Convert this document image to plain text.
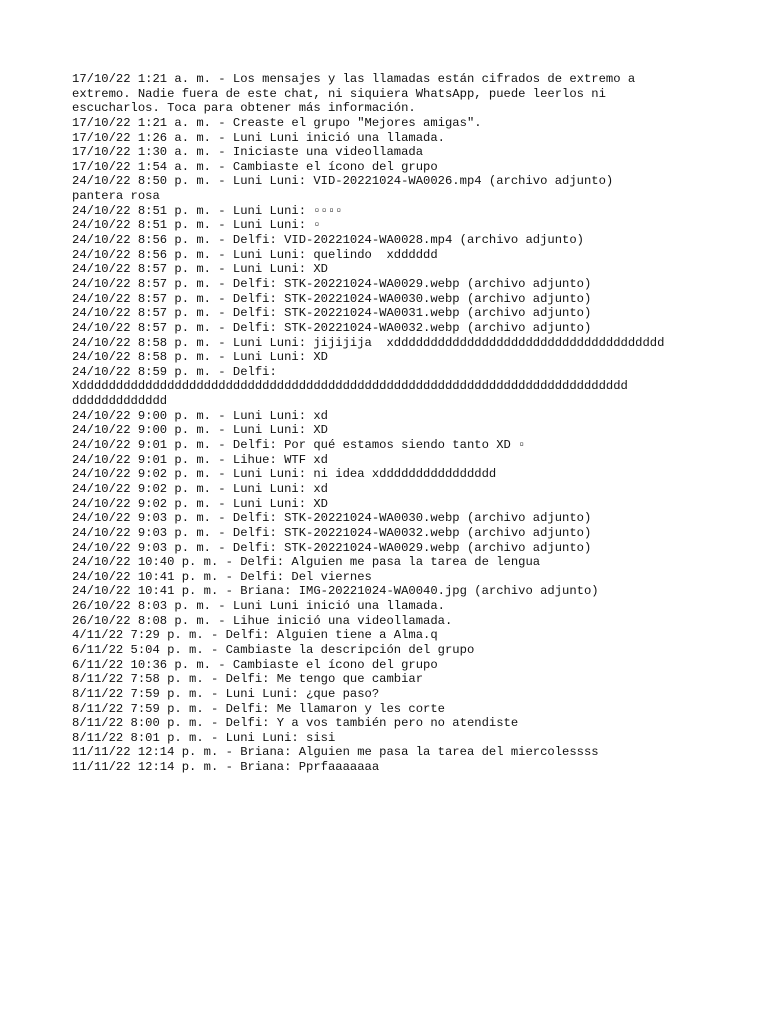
17/10/22 1:21 a. m. - Los mensajes y las llamadas están cifrados de extremo a
extremo. Nadie fuera de este chat, ni siquiera WhatsApp, puede leerlos ni
escucharlos. Toca para obtener más información.
17/10/22 1:21 a. m. - Creaste el grupo "Mejores amigas".
17/10/22 1:26 a. m. - Luni Luni inició una llamada.
17/10/22 1:30 a. m. - Iniciaste una videollamada
17/10/22 1:54 a. m. - Cambiaste el ícono del grupo
24/10/22 8:50 p. m. - Luni Luni: VID-20221024-WA0026.mp4 (archivo adjunto)
pantera rosa
24/10/22 8:51 p. m. - Luni Luni: ▫▫▫▫
24/10/22 8:51 p. m. - Luni Luni: ▫
24/10/22 8:56 p. m. - Delfi: VID-20221024-WA0028.mp4 (archivo adjunto)
24/10/22 8:56 p. m. - Luni Luni: quelindo  xdddddd
24/10/22 8:57 p. m. - Luni Luni: XD
24/10/22 8:57 p. m. - Delfi: STK-20221024-WA0029.webp (archivo adjunto)
24/10/22 8:57 p. m. - Delfi: STK-20221024-WA0030.webp (archivo adjunto)
24/10/22 8:57 p. m. - Delfi: STK-20221024-WA0031.webp (archivo adjunto)
24/10/22 8:57 p. m. - Delfi: STK-20221024-WA0032.webp (archivo adjunto)
24/10/22 8:58 p. m. - Luni Luni: jijijija  xddddddddddddddddddddddddddddddddddddd
24/10/22 8:58 p. m. - Luni Luni: XD
24/10/22 8:59 p. m. - Delfi:
Xddddddddddddddddddddddddddddddddddddddddddddddddddddddddddddddddddddddddddd
ddddddddddddd
24/10/22 9:00 p. m. - Luni Luni: xd
24/10/22 9:00 p. m. - Luni Luni: XD
24/10/22 9:01 p. m. - Delfi: Por qué estamos siendo tanto XD ▫
24/10/22 9:01 p. m. - Lihue: WTF xd
24/10/22 9:02 p. m. - Luni Luni: ni idea xdddddddddddddddd
24/10/22 9:02 p. m. - Luni Luni: xd
24/10/22 9:02 p. m. - Luni Luni: XD
24/10/22 9:03 p. m. - Delfi: STK-20221024-WA0030.webp (archivo adjunto)
24/10/22 9:03 p. m. - Delfi: STK-20221024-WA0032.webp (archivo adjunto)
24/10/22 9:03 p. m. - Delfi: STK-20221024-WA0029.webp (archivo adjunto)
24/10/22 10:40 p. m. - Delfi: Alguien me pasa la tarea de lengua
24/10/22 10:41 p. m. - Delfi: Del viernes
24/10/22 10:41 p. m. - Briana: IMG-20221024-WA0040.jpg (archivo adjunto)
26/10/22 8:03 p. m. - Luni Luni inició una llamada.
26/10/22 8:08 p. m. - Lihue inició una videollamada.
4/11/22 7:29 p. m. - Delfi: Alguien tiene a Alma.q
6/11/22 5:04 p. m. - Cambiaste la descripción del grupo
6/11/22 10:36 p. m. - Cambiaste el ícono del grupo
8/11/22 7:58 p. m. - Delfi: Me tengo que cambiar
8/11/22 7:59 p. m. - Luni Luni: ¿que paso?
8/11/22 7:59 p. m. - Delfi: Me llamaron y les corte
8/11/22 8:00 p. m. - Delfi: Y a vos también pero no atendiste
8/11/22 8:01 p. m. - Luni Luni: sisi
11/11/22 12:14 p. m. - Briana: Alguien me pasa la tarea del miercolessss
11/11/22 12:14 p. m. - Briana: Pprfaaaaaaa
